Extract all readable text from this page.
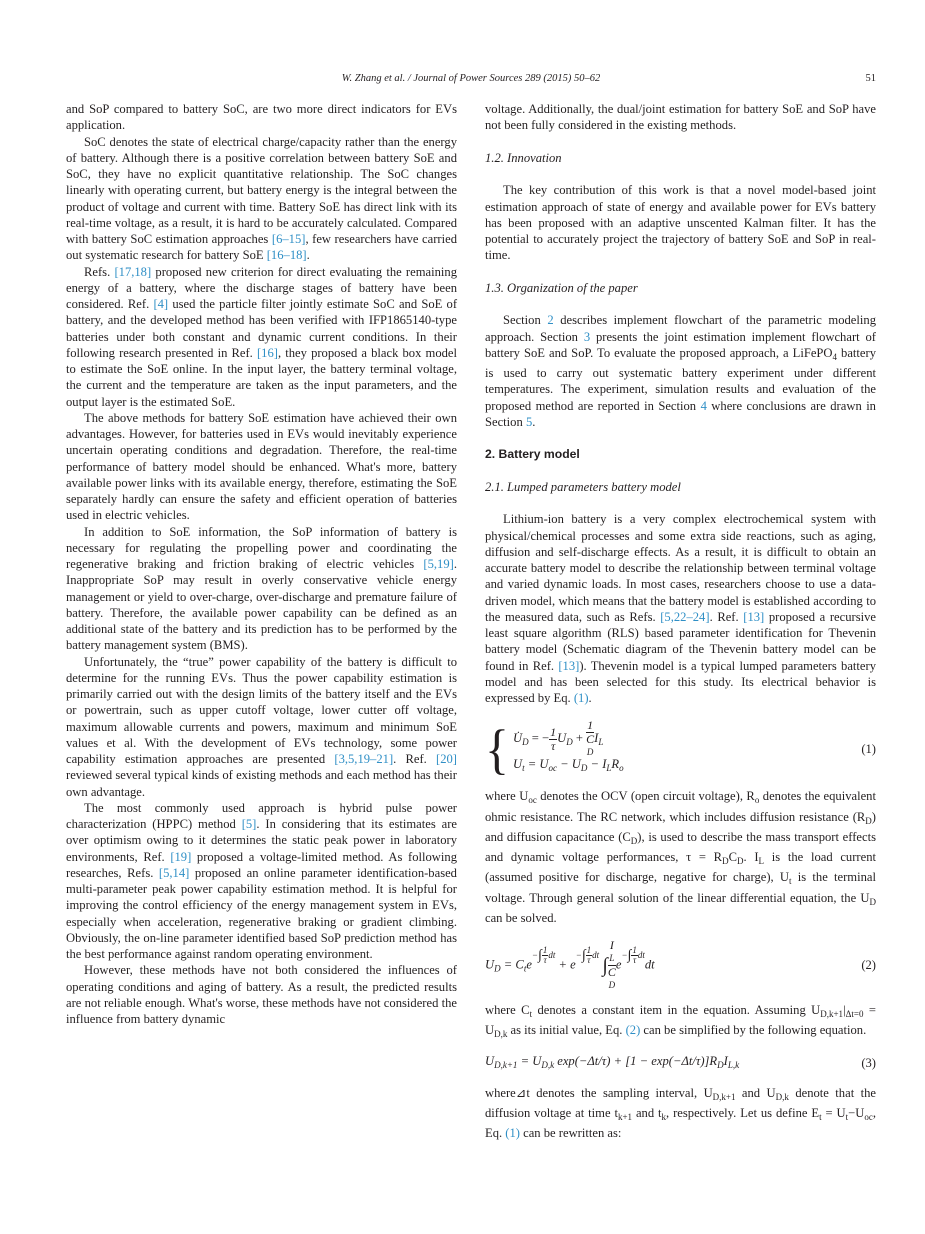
W. Zhang et al. / Journal of Power Sources 289 (2015) 50–62	51

and SoP compared to battery SoC, are two more direct indicators for EVs application.

SoC denotes the state of electrical charge/capacity rather than the energy of battery. Although there is a positive correlation between battery SoE and SoC, they have no explicit quantitative relationship. The SoC changes linearly with operating current, but battery energy is the integral between the product of voltage and current with time. Battery SoE has direct link with its real-time voltage, as a result, it is hard to be accurately calculated. Compared with battery SoC estimation approaches [6–15], few researchers have carried out systematic research for battery SoE [16–18].

Refs. [17,18] proposed new criterion for direct evaluating the remaining energy of a battery, where the discharge stages of battery have been considered. Ref. [4] used the particle filter jointly estimate SoC and SoE of battery, and the developed method has been verified with IFP1865140-type batteries under both constant and dynamic current conditions. In their following research presented in Ref. [16], they proposed a black box model to estimate the SoE online. In the input layer, the battery terminal voltage, the current and the temperature are taken as the input parameters, and the output layer is the estimated SoE.

The above methods for battery SoE estimation have achieved their own advantages. However, for batteries used in EVs would inevitably experience uncertain operating conditions and degradation. Therefore, the real-time performance of battery model should be enhanced. What's more, battery available power links with its available energy, therefore, estimating the SoE separately hardly can ensure the safety and efficient operation of batteries used in electric vehicles.

In addition to SoE information, the SoP information of battery is necessary for regulating the propelling power and coordinating the regenerative braking and friction braking of electric vehicles [5,19]. Inappropriate SoP may result in overly conservative vehicle energy management or yield to over-charge, over-discharge and premature failure of battery. Therefore, the available power capability can be defined as an additional state of the battery and its prediction has to be performed by the battery management system (BMS).

Unfortunately, the “true” power capability of the battery is difficult to determine for the running EVs. Thus the power capability estimation is primarily carried out with the design limits of the battery itself and the EVs or powertrain, such as upper cutoff voltage, lower cutter off voltage, maximum allowable currents and powers, maximum and minimum SoE values et al. With the development of EVs technology, some power capability estimation approaches are presented [3,5,19–21]. Ref. [20] reviewed several typical kinds of existing methods and each method has their own advantage.

The most commonly used approach is hybrid pulse power characterization (HPPC) method [5]. In considering that its estimates are over optimism owing to it determines the static peak power in laboratory environments, Ref. [19] proposed a voltage-limited method. As following researches, Refs. [5,14] proposed an online parameter identification-based multi-parameter peak power capability estimation method. It is helpful for improving the control efficiency of the energy management system in EVs, especially when acceleration, regenerative braking or gradient climbing. Obviously, the on-line parameter identified based SoP prediction method has the best performance against random operating environment.

However, these methods have not both considered the influences of operating conditions and aging of battery. As a result, the predicted results are not reliable enough. What's worse, these methods have not considered the influence from battery dynamic

voltage. Additionally, the dual/joint estimation for battery SoE and SoP have not been fully considered in the existing methods.

1.2. Innovation

The key contribution of this work is that a novel model-based joint estimation approach of state of energy and available power for EVs battery has been proposed with an adaptive unscented Kalman filter. It has the potential to accurately project the trajectory of battery SoE and SoP in real-time.

1.3. Organization of the paper

Section 2 describes implement flowchart of the parametric modeling approach. Section 3 presents the joint estimation implement flowchart of battery SoE and SoP. To evaluate the proposed approach, a LiFePO$_4$ battery is used to carry out systematic battery experiment under different temperatures. The experiment, simulation results and evaluation of the proposed method are reported in Section 4 where conclusions are drawn in Section 5.

2. Battery model

2.1. Lumped parameters battery model

Lithium-ion battery is a very complex electrochemical system with physical/chemical processes and some extra side reactions, such as aging, diffusion and self-discharge effects. As a result, it is difficult to obtain an accurate battery model to describe the relationship between terminal voltage and varied dynamic loads. In most cases, researchers choose to use a data-driven model, which means that the battery model is established according to the measured data, such as Refs. [5,22–24]. Ref. [13] proposed a recursive least square algorithm (RLS) based parameter identification for Thevenin battery model (Schematic diagram of the Thevenin battery model can be found in Ref. [13]). Thevenin model is a typical lumped parameters battery model and has been selected for this study. Its electrical behavior is expressed by Eq. (1).

{ $U̇_D$ = − $\frac{1}{\tau} U_D + 1$
C
D $I_L$
$U_t = U_{oc} - U_D - I_LR_o$
(1)

where $U_{oc}$ denotes the OCV (open circuit voltage), $R_o$ denotes the equivalent ohmic resistance. The RC network, which includes diffusion resistance $(R_D)$ and diffusion capacitance $(C_D)$, is used to describe the mass transport effects and dynamic voltage performances, $\tau = R_DC_D$. $I_L$ is the load current (assumed positive for discharge, negative for charge), $U_t$ is the terminal voltage. Through general solution of the linear differential equation, the $U_D$ can be solved.

$U_D = C_te^{-\int \frac{1}{\tau} dt} + e^{-\int \frac{1}{\tau} dt}$ ∫ I
L
C
D $e^{-\int \frac{1}{\tau} dt}dt$	(2)

where $C_t$ denotes a constant item in the equation. Assuming $U_{D,k+1}|_{\Delta t=0} = U_{D,k}$ as its initial value, Eq. (2) can be simplified by the following equation.

$U_{D,k+1} = U_{D,k}$ $\exp(-\Delta t/\tau) + [1 - \exp(-\Delta t/\tau)]R_DI_{L,k}$	(3)

where⊿t denotes the sampling interval, $U_{D,k+1}$ and $U_{D,k}$ denote that the diffusion voltage at time $t_{k+1}$ and $t_k$, respectively. Let us define $E_t = U_t-U_{oc}$, Eq. (1) can be rewritten as:
